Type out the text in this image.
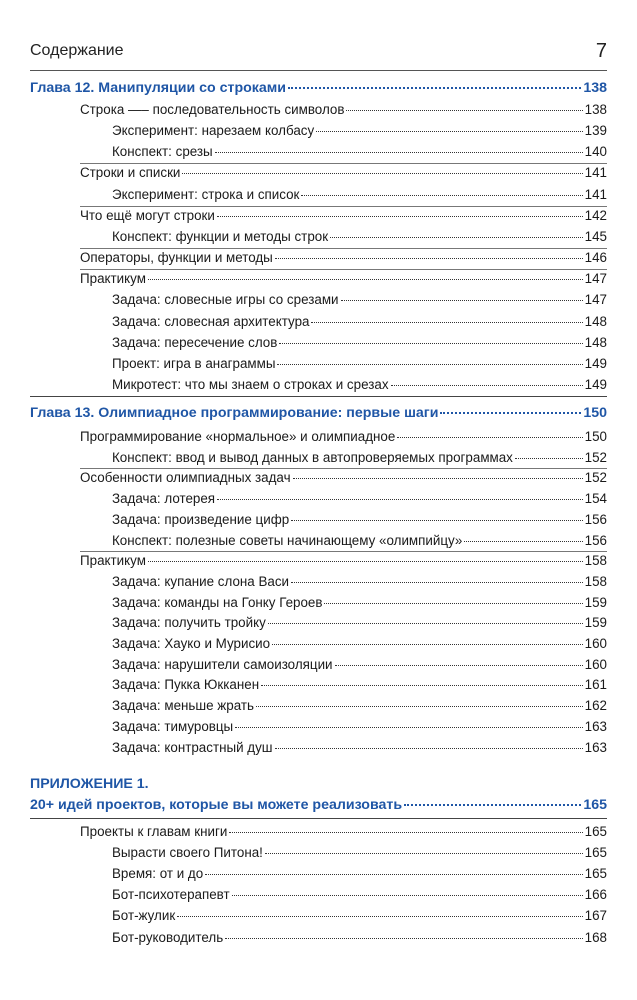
Содержание	7
Глава 12. Манипуляции со строками	138
Строка —– последовательность символов	138
Эксперимент: нарезаем колбасу	139
Конспект: срезы	140
Строки и списки	141
Эксперимент: строка и список	141
Что ещё могут строки	142
Конспект: функции и методы строк	145
Операторы, функции и методы	146
Практикум	147
Задача: словесные игры со срезами	147
Задача: словесная архитектура	148
Задача: пересечение слов	148
Проект: игра в анаграммы	149
Микротест: что мы знаем о строках и срезах	149
Глава 13. Олимпиадное программирование: первые шаги	150
Программирование «нормальное» и олимпиадное	150
Конспект: ввод и вывод данных в автопроверяемых программах	152
Особенности олимпиадных задач	152
Задача: лотерея	154
Задача: произведение цифр	156
Конспект: полезные советы начинающему «олимпийцу»	156
Практикум	158
Задача: купание слона Васи	158
Задача: команды на Гонку Героев	159
Задача: получить тройку	159
Задача: Хауко и Мурисио	160
Задача: нарушители самоизоляции	160
Задача: Пукка Юкканен	161
Задача: меньше жрать	162
Задача: тимуровцы	163
Задача: контрастный душ	163
ПРИЛОЖЕНИЕ 1.
20+ идей проектов, которые вы можете реализовать	165
Проекты к главам книги	165
Вырасти своего Питона!	165
Время: от и до	165
Бот-психотерапевт	166
Бот-жулик	167
Бот-руководитель	168
